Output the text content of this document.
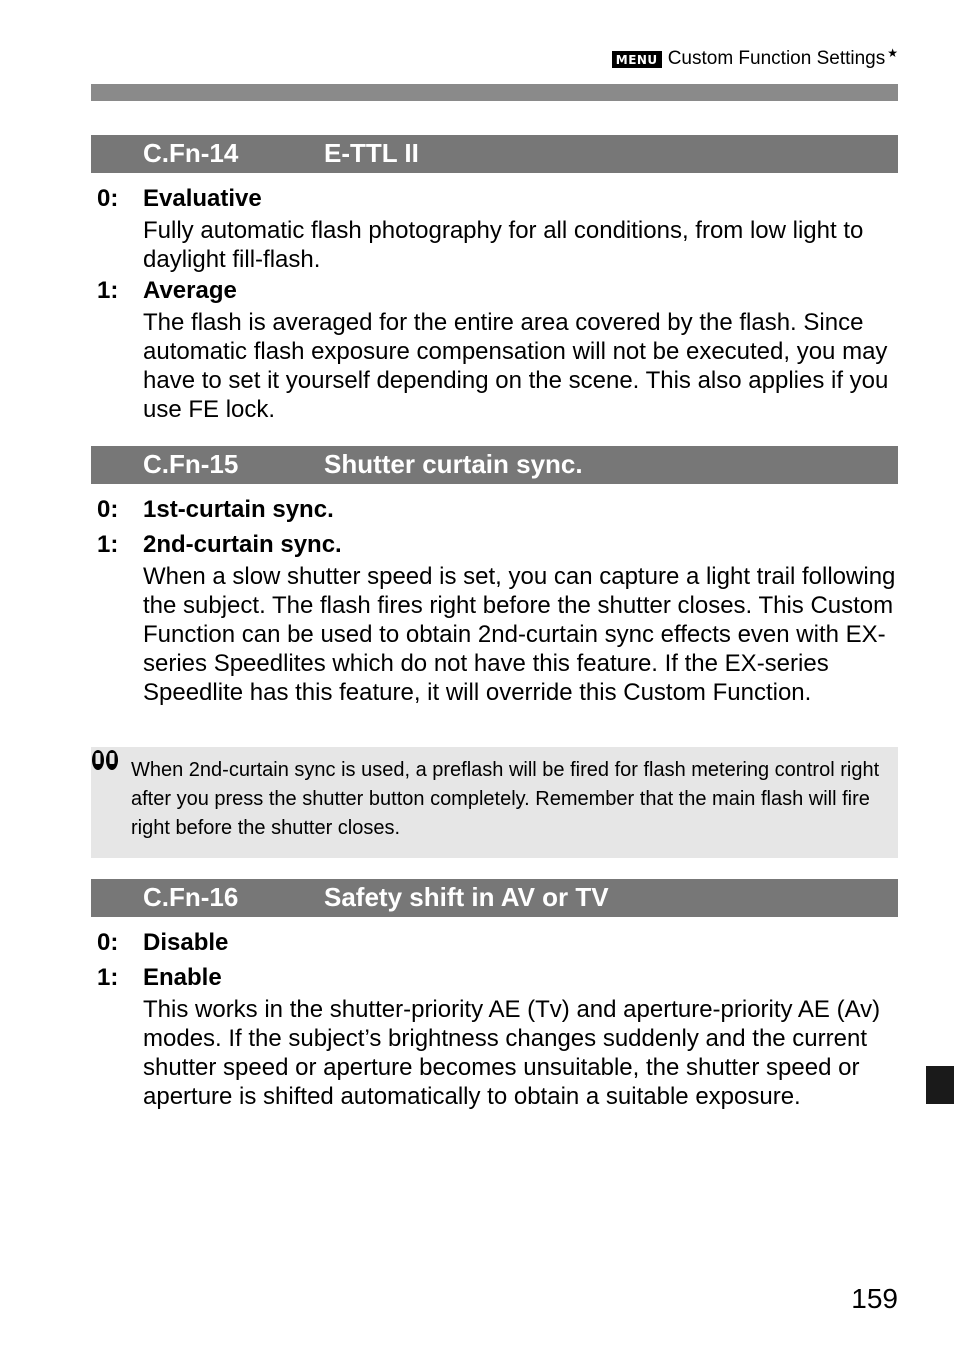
MENU Custom Function Settings ★
C.Fn-14	E-TTL II
0: Evaluative
Fully automatic flash photography for all conditions, from low light to daylight fill-flash.
1: Average
The flash is averaged for the entire area covered by the flash. Since automatic flash exposure compensation will not be executed, you may have to set it yourself depending on the scene. This also applies if you use FE lock.
C.Fn-15	Shutter curtain sync.
0: 1st-curtain sync.
1: 2nd-curtain sync.
When a slow shutter speed is set, you can capture a light trail following the subject. The flash fires right before the shutter closes. This Custom Function can be used to obtain 2nd-curtain sync effects even with EX-series Speedlites which do not have this feature. If the EX-series Speedlite has this feature, it will override this Custom Function.
When 2nd-curtain sync is used, a preflash will be fired for flash metering control right after you press the shutter button completely. Remember that the main flash will fire right before the shutter closes.
C.Fn-16	Safety shift in AV or TV
0: Disable
1: Enable
This works in the shutter-priority AE (Tv) and aperture-priority AE (Av) modes. If the subject’s brightness changes suddenly and the current shutter speed or aperture becomes unsuitable, the shutter speed or aperture is shifted automatically to obtain a suitable exposure.
159
